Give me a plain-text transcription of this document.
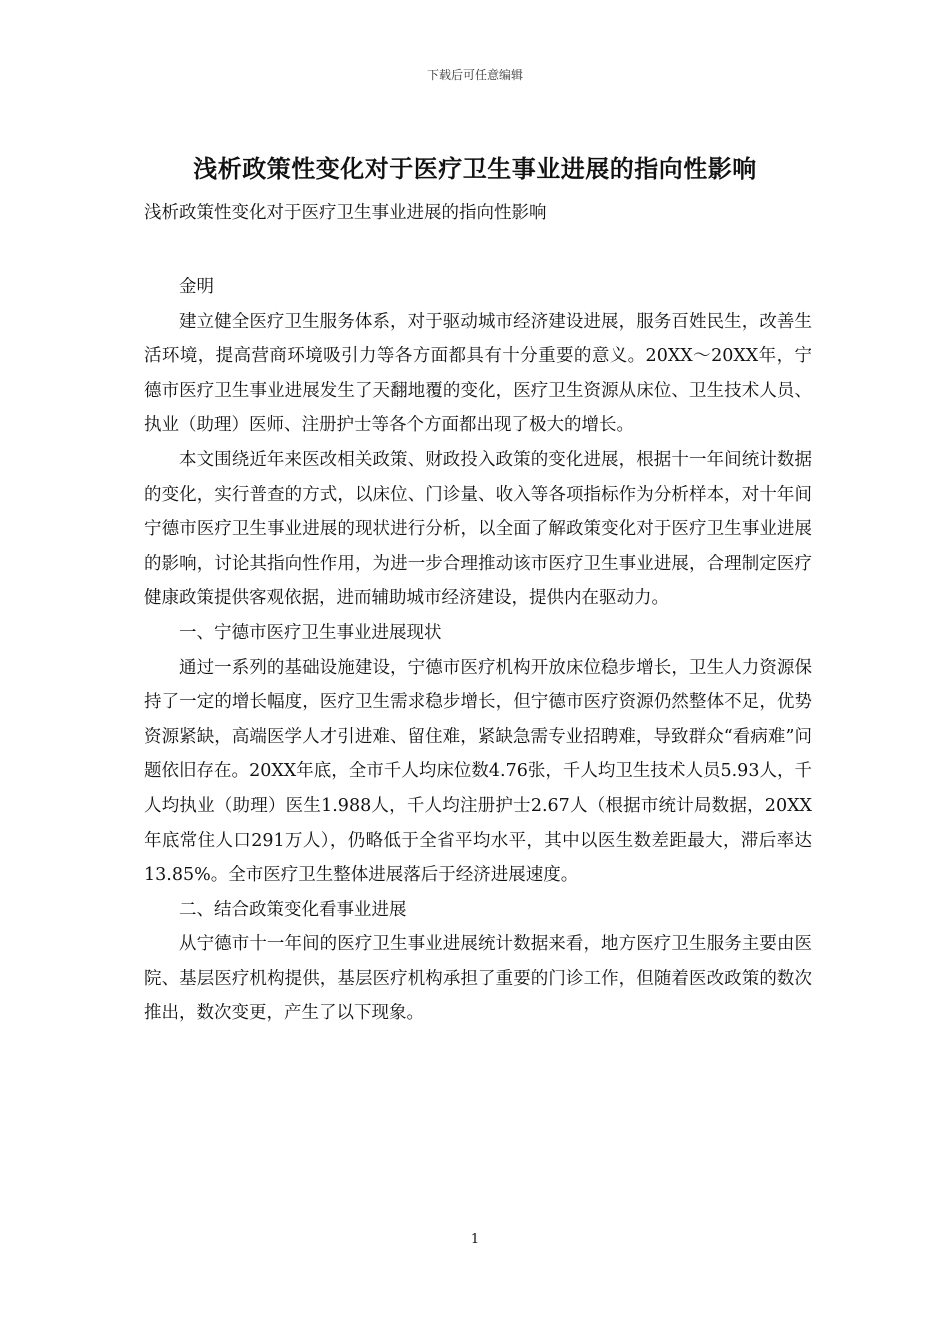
下载后可任意编辑
浅析政策性变化对于医疗卫生事业进展的指向性影响

浅析政策性变化对于医疗卫生事业进展的指向性影响

金明

建立健全医疗卫生服务体系，对于驱动城市经济建设进展，服务百姓民生，改善生活环境，提高营商环境吸引力等各方面都具有十分重要的意义。20XX～20XX年，宁德市医疗卫生事业进展发生了天翻地覆的变化，医疗卫生资源从床位、卫生技术人员、执业（助理）医师、注册护士等各个方面都出现了极大的增长。

本文围绕近年来医改相关政策、财政投入政策的变化进展，根据十一年间统计数据的变化，实行普查的方式，以床位、门诊量、收入等各项指标作为分析样本，对十年间宁德市医疗卫生事业进展的现状进行分析，以全面了解政策变化对于医疗卫生事业进展的影响，讨论其指向性作用，为进一步合理推动该市医疗卫生事业进展，合理制定医疗健康政策提供客观依据，进而辅助城市经济建设，提供内在驱动力。

一、宁德市医疗卫生事业进展现状

通过一系列的基础设施建设，宁德市医疗机构开放床位稳步增长，卫生人力资源保持了一定的增长幅度，医疗卫生需求稳步增长，但宁德市医疗资源仍然整体不足，优势资源紧缺，高端医学人才引进难、留住难，紧缺急需专业招聘难，导致群众“看病难”问题依旧存在。20XX年底，全市千人均床位数4.76张，千人均卫生技术人员5.93人，千人均执业（助理）医生1.988人，千人均注册护士2.67人（根据市统计局数据，20XX年底常住人口291万人），仍略低于全省平均水平，其中以医生数差距最大，滞后率达13.85%。全市医疗卫生整体进展落后于经济进展速度。

二、结合政策变化看事业进展

从宁德市十一年间的医疗卫生事业进展统计数据来看，地方医疗卫生服务主要由医院、基层医疗机构提供，基层医疗机构承担了重要的门诊工作，但随着医改政策的数次推出，数次变更，产生了以下现象。

1
